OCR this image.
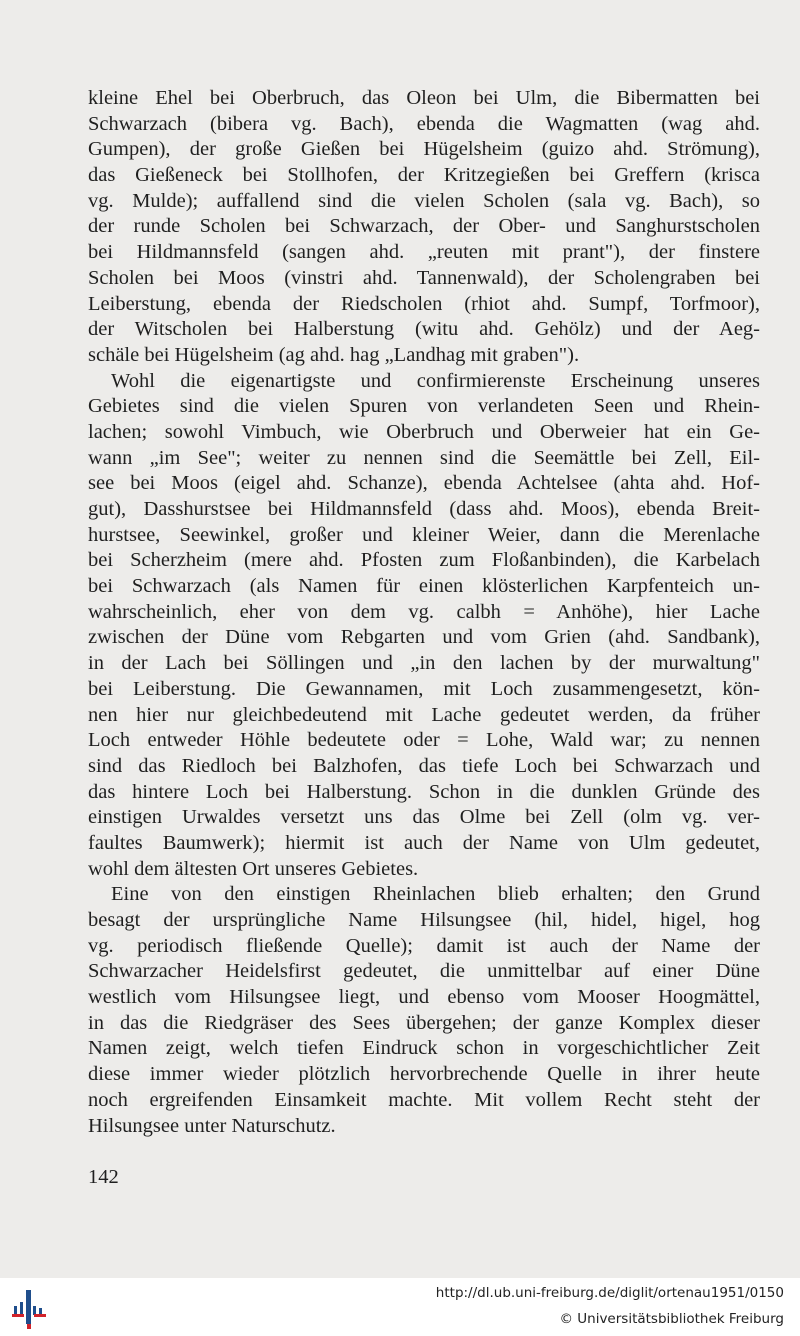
kleine Ehel bei Oberbruch, das Oleon bei Ulm, die Bibermatten bei
Schwarzach (bibera vg. Bach), ebenda die Wagmatten (wag ahd.
Gumpen), der große Gießen bei Hügelsheim (guizo ahd. Strömung),
das Gießeneck bei Stollhofen, der Kritzegießen bei Greffern (krisca
vg. Mulde); auffallend sind die vielen Scholen (sala vg. Bach), so
der runde Scholen bei Schwarzach, der Ober- und Sanghurstscholen
bei Hildmannsfeld (sangen ahd. „reuten mit prant"), der finstere
Scholen bei Moos (vinstri ahd. Tannenwald), der Scholengraben bei
Leiberstung, ebenda der Riedscholen (rhiot ahd. Sumpf, Torfmoor),
der Witscholen bei Halberstung (witu ahd. Gehölz) und der Aeg-
schäle bei Hügelsheim (ag ahd. hag „Landhag mit graben").
Wohl die eigenartigste und confirmierenste Erscheinung unseres
Gebietes sind die vielen Spuren von verlandeten Seen und Rhein-
lachen; sowohl Vimbuch, wie Oberbruch und Oberweier hat ein Ge-
wann „im See"; weiter zu nennen sind die Seemättle bei Zell, Eil-
see bei Moos (eigel ahd. Schanze), ebenda Achtelsee (ahta ahd. Hof-
gut), Dasshurstsee bei Hildmannsfeld (dass ahd. Moos), ebenda Breit-
hurstsee, Seewinkel, großer und kleiner Weier, dann die Merenlache
bei Scherzheim (mere ahd. Pfosten zum Floßanbinden), die Karbelach
bei Schwarzach (als Namen für einen klösterlichen Karpfenteich un-
wahrscheinlich, eher von dem vg. calbh = Anhöhe), hier Lache
zwischen der Düne vom Rebgarten und vom Grien (ahd. Sandbank),
in der Lach bei Söllingen und „in den lachen by der murwaltung"
bei Leiberstung. Die Gewannamen, mit Loch zusammengesetzt, kön-
nen hier nur gleichbedeutend mit Lache gedeutet werden, da früher
Loch entweder Höhle bedeutete oder = Lohe, Wald war; zu nennen
sind das Riedloch bei Balzhofen, das tiefe Loch bei Schwarzach und
das hintere Loch bei Halberstung. Schon in die dunklen Gründe des
einstigen Urwaldes versetzt uns das Olme bei Zell (olm vg. ver-
faultes Baumwerk); hiermit ist auch der Name von Ulm gedeutet,
wohl dem ältesten Ort unseres Gebietes.
Eine von den einstigen Rheinlachen blieb erhalten; den Grund
besagt der ursprüngliche Name Hilsungsee (hil, hidel, higel, hog
vg. periodisch fließende Quelle); damit ist auch der Name der
Schwarzacher Heidelsfirst gedeutet, die unmittelbar auf einer Düne
westlich vom Hilsungsee liegt, und ebenso vom Mooser Hoogmättel,
in das die Riedgräser des Sees übergehen; der ganze Komplex dieser
Namen zeigt, welch tiefen Eindruck schon in vorgeschichtlicher Zeit
diese immer wieder plötzlich hervorbrechende Quelle in ihrer heute
noch ergreifenden Einsamkeit machte. Mit vollem Recht steht der
Hilsungsee unter Naturschutz.
142
http://dl.ub.uni-freiburg.de/diglit/ortenau1951/0150
© Universitätsbibliothek Freiburg
